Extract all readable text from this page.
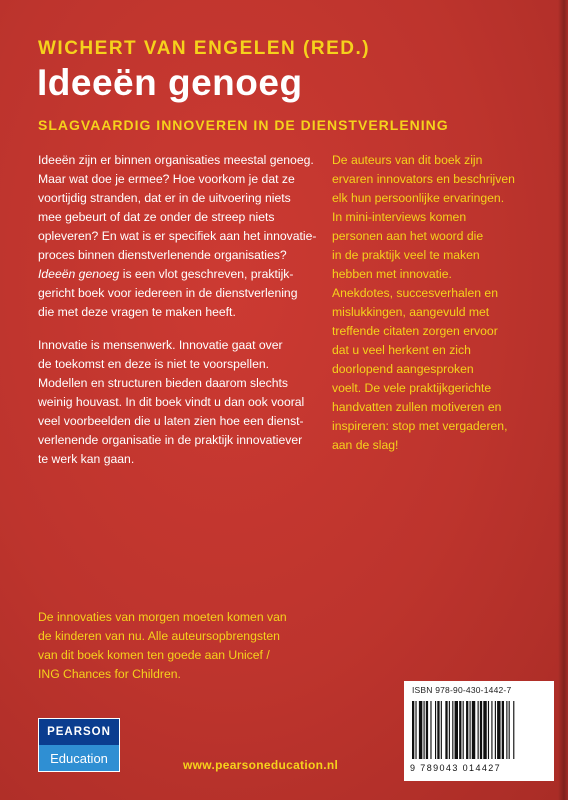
WICHERT VAN ENGELEN (RED.)
Ideeën genoeg
SLAGVAARDIG INNOVEREN IN DE DIENSTVERLENING

Ideeën zijn er binnen organisaties meestal genoeg.
Maar wat doe je ermee? Hoe voorkom je dat ze
voortijdig stranden, dat er in de uitvoering niets
mee gebeurt of dat ze onder de streep niets
opleveren? En wat is er specifiek aan het innovatie-
proces binnen dienstverlenende organisaties?
Ideeën genoeg is een vlot geschreven, praktijk-
gericht boek voor iedereen in de dienstverlening
die met deze vragen te maken heeft.

Innovatie is mensenwerk. Innovatie gaat over
de toekomst en deze is niet te voorspellen.
Modellen en structuren bieden daarom slechts
weinig houvast. In dit boek vindt u dan ook vooral
veel voorbeelden die u laten zien hoe een dienst-
verlenende organisatie in de praktijk innovatiever
te werk kan gaan.

De auteurs van dit boek zijn
ervaren innovators en beschrijven
elk hun persoonlijke ervaringen.
In mini-interviews komen
personen aan het woord die
in de praktijk veel te maken
hebben met innovatie.
Anekdotes, succesverhalen en
mislukkingen, aangevuld met
treffende citaten zorgen ervoor
dat u veel herkent en zich
doorlopend aangesproken
voelt. De vele praktijkgerichte
handvatten zullen motiveren en
inspireren: stop met vergaderen,
aan de slag!

De innovaties van morgen moeten komen van
de kinderen van nu. Alle auteursopbrengsten
van dit boek komen ten goede aan Unicef /
ING Chances for Children.
ISBN 978-90-430-1442-7
9 789043 014427
PEARSON
Education	www.pearsoneducation.nl
